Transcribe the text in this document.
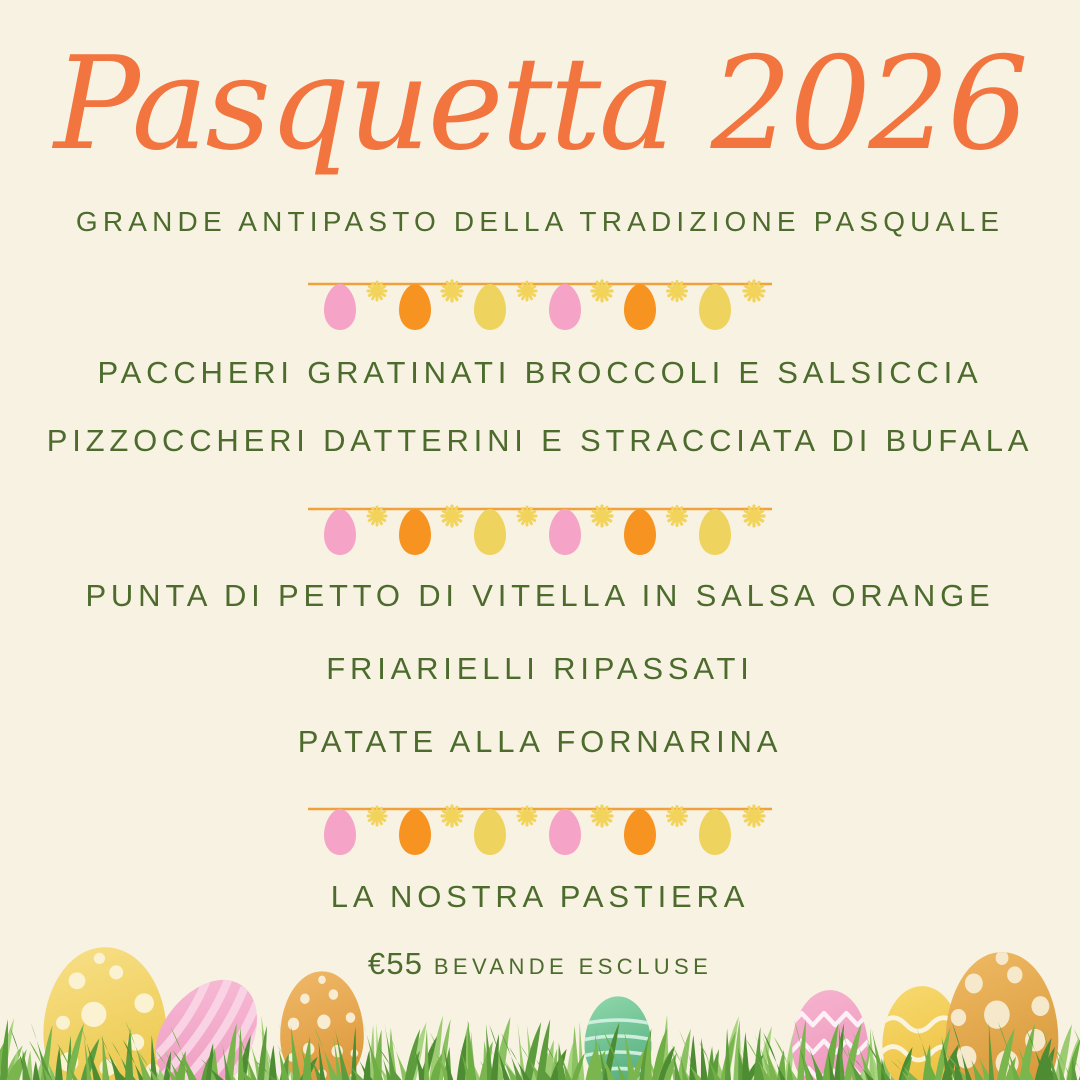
Pasquetta 2026
GRANDE ANTIPASTO DELLA TRADIZIONE PASQUALE
PACCHERI GRATINATI BROCCOLI E SALSICCIA
PIZZOCCHERI DATTERINI E STRACCIATA DI BUFALA
PUNTA DI PETTO DI VITELLA IN SALSA ORANGE
FRIARIELLI RIPASSATI
PATATE ALLA FORNARINA
LA NOSTRA PASTIERA
€55 BEVANDE ESCLUSE
